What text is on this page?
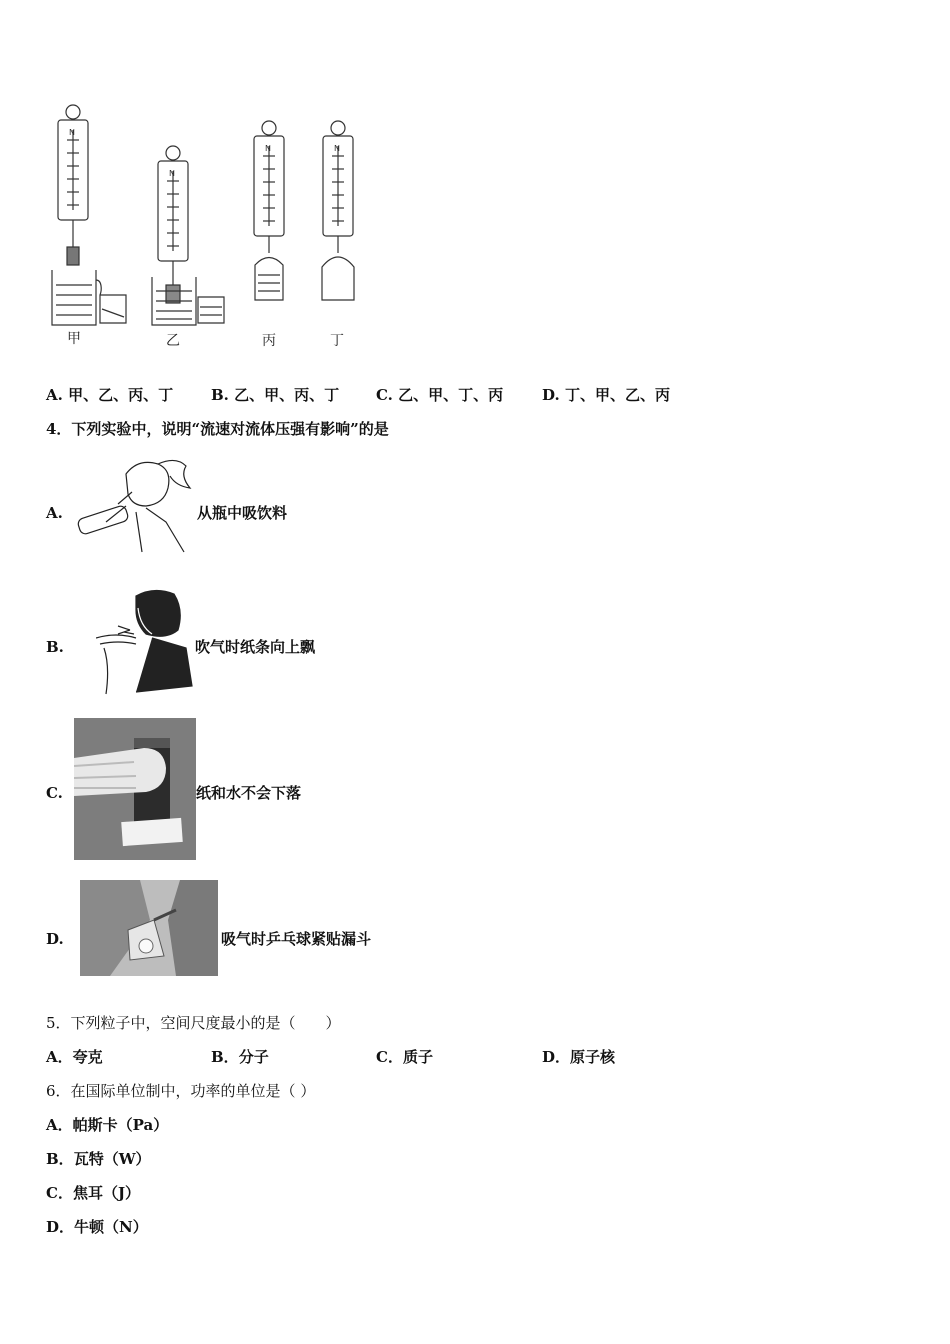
N
N
N	N
甲	乙	丙	丁
A. 甲、乙、丙、丁	B. 乙、甲、丙、丁 C. 乙、甲、丁、丙	D. 丁、甲、乙、丙
4．下列实验中，说明“流速对流体压强有影响”的是
A.	从瓶中吸饮料
B.	吹气时纸条向上飘
C.	纸和水不会下落
D.	吸气时乒乓球紧贴漏斗
5．下列粒子中，空间尺度最小的是（　　）
A．夸克	B．分子	C．质子	D．原子核
6．在国际单位制中，功率的单位是（ ）
A．帕斯卡（Pa）
B．瓦特（W）
C．焦耳（J）
D．牛顿（N）
